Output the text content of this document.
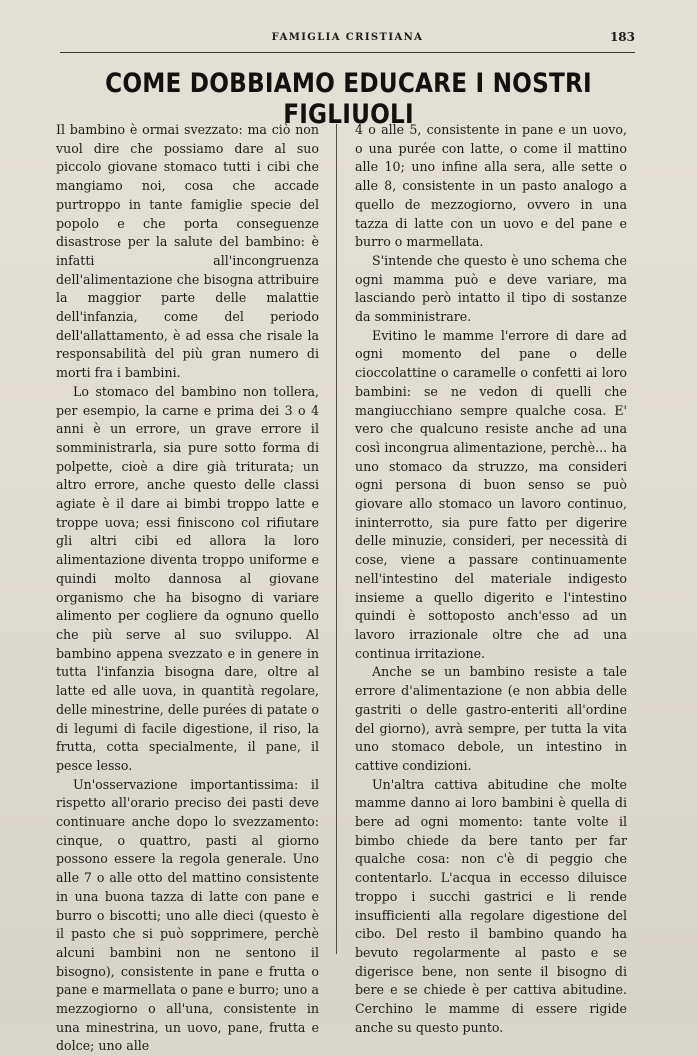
FAMIGLIA CRISTIANA	183
COME DOBBIAMO EDUCARE I NOSTRI FIGLIUOLI

Il bambino è ormai svezzato: ma ciò non vuol dire che possiamo dare al suo piccolo giovane stomaco tutti i cibi che mangiamo noi, cosa che accade purtroppo in tante famiglie specie del popolo e che porta conseguenze disastrose per la salute del bambino: è infatti all'incongruenza dell'alimentazione che bisogna attribuire la maggior parte delle malattie dell'infanzia, come del periodo dell'allattamento, è ad essa che risale la responsabilità del più gran numero di morti fra i bambini.

Lo stomaco del bambino non tollera, per esempio, la carne e prima dei 3 o 4 anni è un errore, un grave errore il somministrarla, sia pure sotto forma di polpette, cioè a dire già triturata; un altro errore, anche questo delle classi agiate è il dare ai bimbi troppo latte e troppe uova; essi finiscono col rifiutare gli altri cibi ed allora la loro alimentazione diventa troppo uniforme e quindi molto dannosa al giovane organismo che ha bisogno di variare alimento per cogliere da ognuno quello che più serve al suo sviluppo. Al bambino appena svezzato e in genere in tutta l'infanzia bisogna dare, oltre al latte ed alle uova, in quantità regolare, delle minestrine, delle purées di patate o di legumi di facile digestione, il riso, la frutta, cotta specialmente, il pane, il pesce lesso.

Un'osservazione importantissima: il rispetto all'orario preciso dei pasti deve continuare anche dopo lo svezzamento: cinque, o quattro, pasti al giorno possono essere la regola generale. Uno alle 7 o alle otto del mattino consistente in una buona tazza di latte con pane e burro o biscotti; uno alle dieci (questo è il pasto che si può sopprimere, perchè alcuni bambini non ne sentono il bisogno), consistente in pane e frutta o pane e marmellata o pane e burro; uno a mezzogiorno o all'una, consistente in una minestrina, un uovo, pane, frutta e dolce; uno alle

4 o alle 5, consistente in pane e un uovo, o una purée con latte, o come il mattino alle 10; uno infine alla sera, alle sette o alle 8, consistente in un pasto analogo a quello de mezzogiorno, ovvero in una tazza di latte con un uovo e del pane e burro o marmellata.

S'intende che questo è uno schema che ogni mamma può e deve variare, ma lasciando però intatto il tipo di sostanze da somministrare.

Evitino le mamme l'errore di dare ad ogni momento del pane o delle cioccolattine o caramelle o confetti ai loro bambini: se ne vedon di quelli che mangiucchiano sempre qualche cosa. E' vero che qualcuno resiste anche ad una così incongrua alimentazione, perchè... ha uno stomaco da struzzo, ma consideri ogni persona di buon senso se può giovare allo stomaco un lavoro continuo, ininterrotto, sia pure fatto per digerire delle minuzie, consideri, per necessità di cose, viene a passare continuamente nell'intestino del materiale indigesto insieme a quello digerito e l'intestino quindi è sottoposto anch'esso ad un lavoro irrazionale oltre che ad una continua irritazione.

Anche se un bambino resiste a tale errore d'alimentazione (e non abbia delle gastriti o delle gastro-enteriti all'ordine del giorno), avrà sempre, per tutta la vita uno stomaco debole, un intestino in cattive condizioni.

Un'altra cattiva abitudine che molte mamme danno ai loro bambini è quella di bere ad ogni momento: tante volte il bimbo chiede da bere tanto per far qualche cosa: non c'è di peggio che contentarlo. L'acqua in eccesso diluisce troppo i succhi gastrici e li rende insufficienti alla regolare digestione del cibo. Del resto il bambino quando ha bevuto regolarmente al pasto e se digerisce bene, non sente il bisogno di bere e se chiede è per cattiva abitudine. Cerchino le mamme di essere rigide anche su questo punto.
